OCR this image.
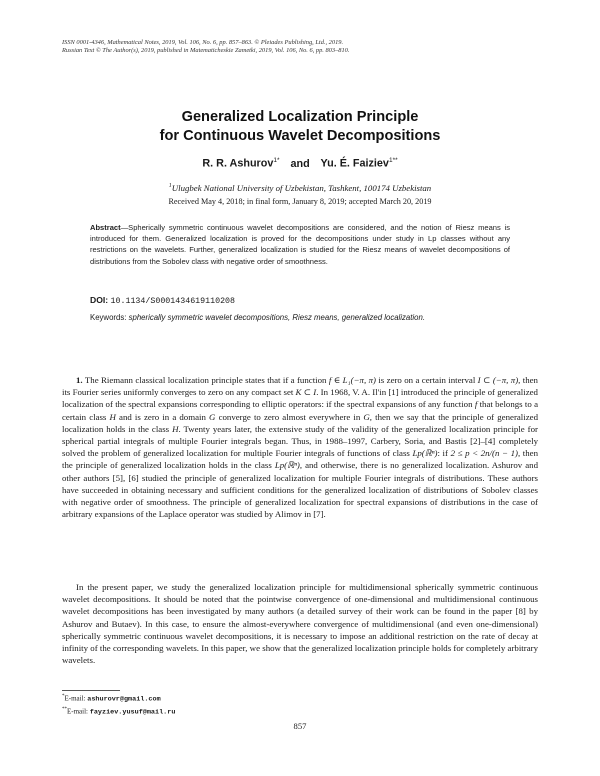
ISSN 0001-4346, Mathematical Notes, 2019, Vol. 106, No. 6, pp. 857–863. © Pleiades Publishing, Ltd., 2019.
Russian Text © The Author(s), 2019, published in Matematicheskie Zametki, 2019, Vol. 106, No. 6, pp. 803–810.
Generalized Localization Principle
for Continuous Wavelet Decompositions
R. R. Ashurov$^{1*}$ and Yu. É. Faiziev$^{1**}$
$^1$Ulugbek National University of Uzbekistan, Tashkent, 100174 Uzbekistan
Received May 4, 2018; in final form, January 8, 2019; accepted March 20, 2019
Abstract—Spherically symmetric continuous wavelet decompositions are considered, and the notion of Riesz means is introduced for them. Generalized localization is proved for the decompositions under study in Lp classes without any restrictions on the wavelets. Further, generalized localization is studied for the Riesz means of wavelet decompositions of distributions from the Sobolev class with negative order of smoothness.
DOI: 10.1134/S0001434619110208
Keywords: spherically symmetric wavelet decompositions, Riesz means, generalized localization.
1. The Riemann classical localization principle states that if a function f ∈ L₁(−π, π) is zero on a certain interval I ⊂ (−π, π), then its Fourier series uniformly converges to zero on any compact set K ⊂ I. In 1968, V. A. Il'in [1] introduced the principle of generalized localization of the spectral expansions corresponding to elliptic operators: if the spectral expansions of any function f that belongs to a certain class H and is zero in a domain G converge to zero almost everywhere in G, then we say that the principle of generalized localization holds in the class H. Twenty years later, the extensive study of the validity of the generalized localization principle for spherical partial integrals of multiple Fourier integrals began. Thus, in 1988–1997, Carbery, Soria, and Bastis [2]–[4] completely solved the problem of generalized localization for multiple Fourier integrals of functions of class Lp(ℝⁿ): if 2 ≤ p < 2n/(n − 1), then the principle of generalized localization holds in the class Lp(ℝⁿ), and otherwise, there is no generalized localization. Ashurov and other authors [5], [6] studied the principle of generalized localization for multiple Fourier integrals of distributions. These authors have succeeded in obtaining necessary and sufficient conditions for the generalized localization of distributions of Sobolev classes with negative order of smoothness. The principle of generalized localization for spectral expansions of distributions in the case of arbitrary expansions of the Laplace operator was studied by Alimov in [7].
In the present paper, we study the generalized localization principle for multidimensional spherically symmetric continuous wavelet decompositions. It should be noted that the pointwise convergence of one-dimensional and multidimensional continuous wavelet decompositions has been investigated by many authors (a detailed survey of their work can be found in the paper [8] by Ashurov and Butaev). In this case, to ensure the almost-everywhere convergence of multidimensional (and even one-dimensional) spherically symmetric continuous wavelet decompositions, it is necessary to impose an additional restriction on the rate of decay at infinity of the corresponding wavelets. In this paper, we show that the generalized localization principle holds for completely arbitrary wavelets.
*E-mail: ashurovr@gmail.com
**E-mail: fayziev.yusuf@mail.ru
857
